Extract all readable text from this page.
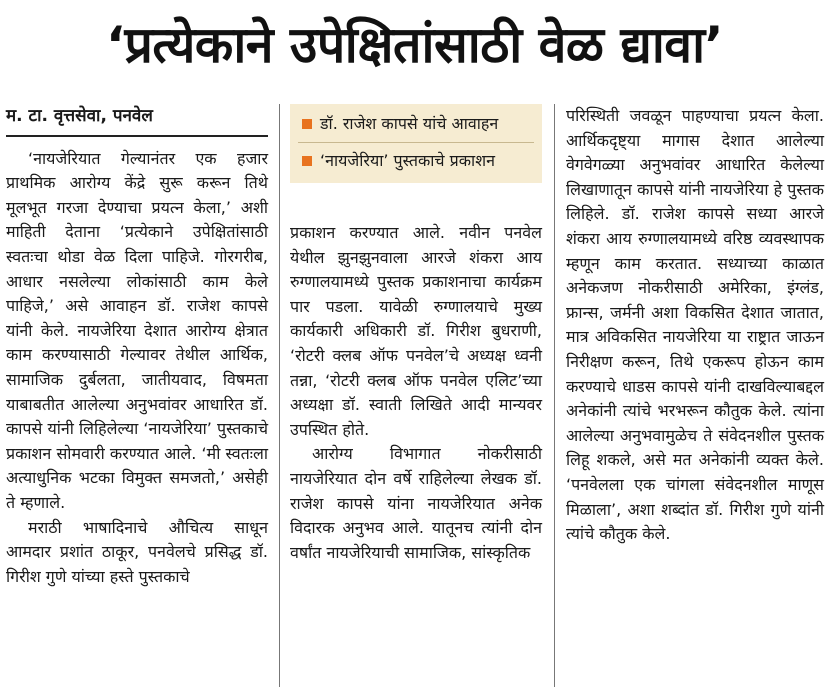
‘प्रत्येकाने उपेक्षितांसाठी वेळ द्यावा’
म. टा. वृत्तसेवा, पनवेल

‘नायजेरियात गेल्यानंतर एक हजार प्राथमिक आरोग्य केंद्रे सुरू करून तिथे मूलभूत गरजा देण्याचा प्रयत्न केला,’ अशी माहिती देताना ‘प्रत्येकाने उपेक्षितांसाठी स्वतःचा थोडा वेळ दिला पाहिजे. गोरगरीब, आधार नसलेल्या लोकांसाठी काम केले पाहिजे,’ असे आवाहन डॉ. राजेश कापसे यांनी केले. नायजेरिया देशात आरोग्य क्षेत्रात काम करण्यासाठी गेल्यावर तेथील आर्थिक, सामाजिक दुर्बलता, जातीयवाद, विषमता याबाबतीत आलेल्या अनुभवांवर आधारित डॉ. कापसे यांनी लिहिलेल्या ‘नायजेरिया’ पुस्तकाचे प्रकाशन सोमवारी करण्यात आले. ‘मी स्वतःला अत्याधुनिक भटका विमुक्त समजतो,’ असेही ते म्हणाले.

मराठी भाषादिनाचे औचित्य साधून आमदार प्रशांत ठाकूर, पनवेलचे प्रसिद्ध डॉ. गिरीश गुणे यांच्या हस्ते पुस्तकाचे

डॉ. राजेश कापसे यांचे आवाहन
‘नायजेरिया’ पुस्तकाचे प्रकाशन

प्रकाशन करण्यात आले. नवीन पनवेल येथील झुनझुनवाला आरजे शंकरा आय रुग्णालयामध्ये पुस्तक प्रकाशनाचा कार्यक्रम पार पडला. यावेळी रुग्णालयाचे मुख्य कार्यकारी अधिकारी डॉ. गिरीश बुधराणी, ‘रोटरी क्लब ऑफ पनवेल’चे अध्यक्ष ध्वनी तन्ना, ‘रोटरी क्लब ऑफ पनवेल एलिट’च्या अध्यक्षा डॉ. स्वाती लिखिते आदी मान्यवर उपस्थित होते.

आरोग्य विभागात नोकरीसाठी नायजेरियात दोन वर्षे राहिलेल्या लेखक डॉ. राजेश कापसे यांना नायजेरियात अनेक विदारक अनुभव आले. यातूनच त्यांनी दोन वर्षांत नायजेरियाची सामाजिक, सांस्कृतिक

परिस्थिती जवळून पाहण्याचा प्रयत्न केला. आर्थिकदृष्ट्या मागास देशात आलेल्या वेगवेगळ्या अनुभवांवर आधारित केलेल्या लिखाणातून कापसे यांनी नायजेरिया हे पुस्तक लिहिले. डॉ. राजेश कापसे सध्या आरजे शंकरा आय रुग्णालयामध्ये वरिष्ठ व्यवस्थापक म्हणून काम करतात. सध्याच्या काळात अनेकजण नोकरीसाठी अमेरिका, इंग्लंड, फ्रान्स, जर्मनी अशा विकसित देशात जातात, मात्र अविकसित नायजेरिया या राष्ट्रात जाऊन निरीक्षण करून, तिथे एकरूप होऊन काम करण्याचे धाडस कापसे यांनी दाखविल्याबद्दल अनेकांनी त्यांचे भरभरून कौतुक केले. त्यांना आलेल्या अनुभवामुळेच ते संवेदनशील पुस्तक लिहू शकले, असे मत अनेकांनी व्यक्त केले. ‘पनवेलला एक चांगला संवेदनशील माणूस मिळाला’, अशा शब्दांत डॉ. गिरीश गुणे यांनी त्यांचे कौतुक केले.
